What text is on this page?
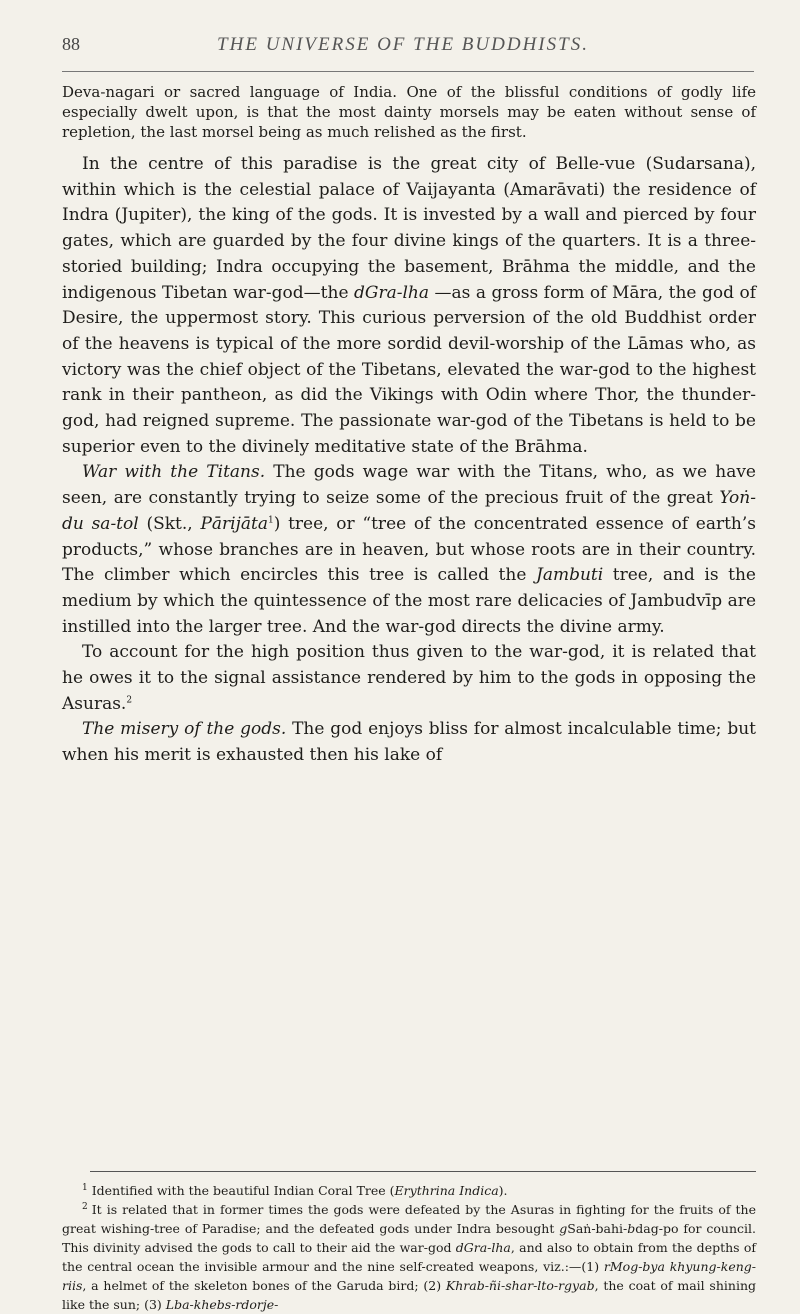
88	THE UNIVERSE OF THE BUDDHISTS.

Deva-nagari or sacred language of India. One of the blissful conditions of godly life especially dwelt upon, is that the most dainty morsels may be eaten without sense of repletion, the last morsel being as much relished as the first.

In the centre of this paradise is the great city of Belle-vue (Sudarsana), within which is the celestial palace of Vaijayanta (Amarāvati) the residence of Indra (Jupiter), the king of the gods. It is invested by a wall and pierced by four gates, which are guarded by the four divine kings of the quarters. It is a three-storied building; Indra occupying the basement, Brāhma the middle, and the indigenous Tibetan war-god—the dGra-lha —as a gross form of Māra, the god of Desire, the uppermost story. This curious perversion of the old Buddhist order of the heavens is typical of the more sordid devil-worship of the Lāmas who, as victory was the chief object of the Tibetans, elevated the war-god to the highest rank in their pantheon, as did the Vikings with Odin where Thor, the thunder-god, had reigned supreme. The passionate war-god of the Tibetans is held to be superior even to the divinely meditative state of the Brāhma.

War with the Titans. The gods wage war with the Titans, who, as we have seen, are constantly trying to seize some of the precious fruit of the great Yoṅ-du sa-tol (Skt., Pārijāta$^1$) tree, or “tree of the concentrated essence of earth’s products,” whose branches are in heaven, but whose roots are in their country. The climber which encircles this tree is called the Jambuti tree, and is the medium by which the quintessence of the most rare delicacies of Jambudvīp are instilled into the larger tree. And the war-god directs the divine army.

To account for the high position thus given to the war-god, it is related that he owes it to the signal assistance rendered by him to the gods in opposing the Asuras.$^2$

The misery of the gods. The god enjoys bliss for almost incalculable time; but when his merit is exhausted then his lake of

$^1$ Identified with the beautiful Indian Coral Tree (Erythrina Indica).

$^2$ It is related that in former times the gods were defeated by the Asuras in fighting for the fruits of the great wishing-tree of Paradise; and the defeated gods under Indra besought gSaṅ-bahi-bdag-po for council. This divinity advised the gods to call to their aid the war-god dGra-lha, and also to obtain from the depths of the central ocean the invisible armour and the nine self-created weapons, viz.:—(1) rMog-bya khyung-keng-riis, a helmet of the skeleton bones of the Garuda bird; (2) Khrab-ñi-shar-lto-rgyab, the coat of mail shining like the sun; (3) Lba-khebs-rdorje-
